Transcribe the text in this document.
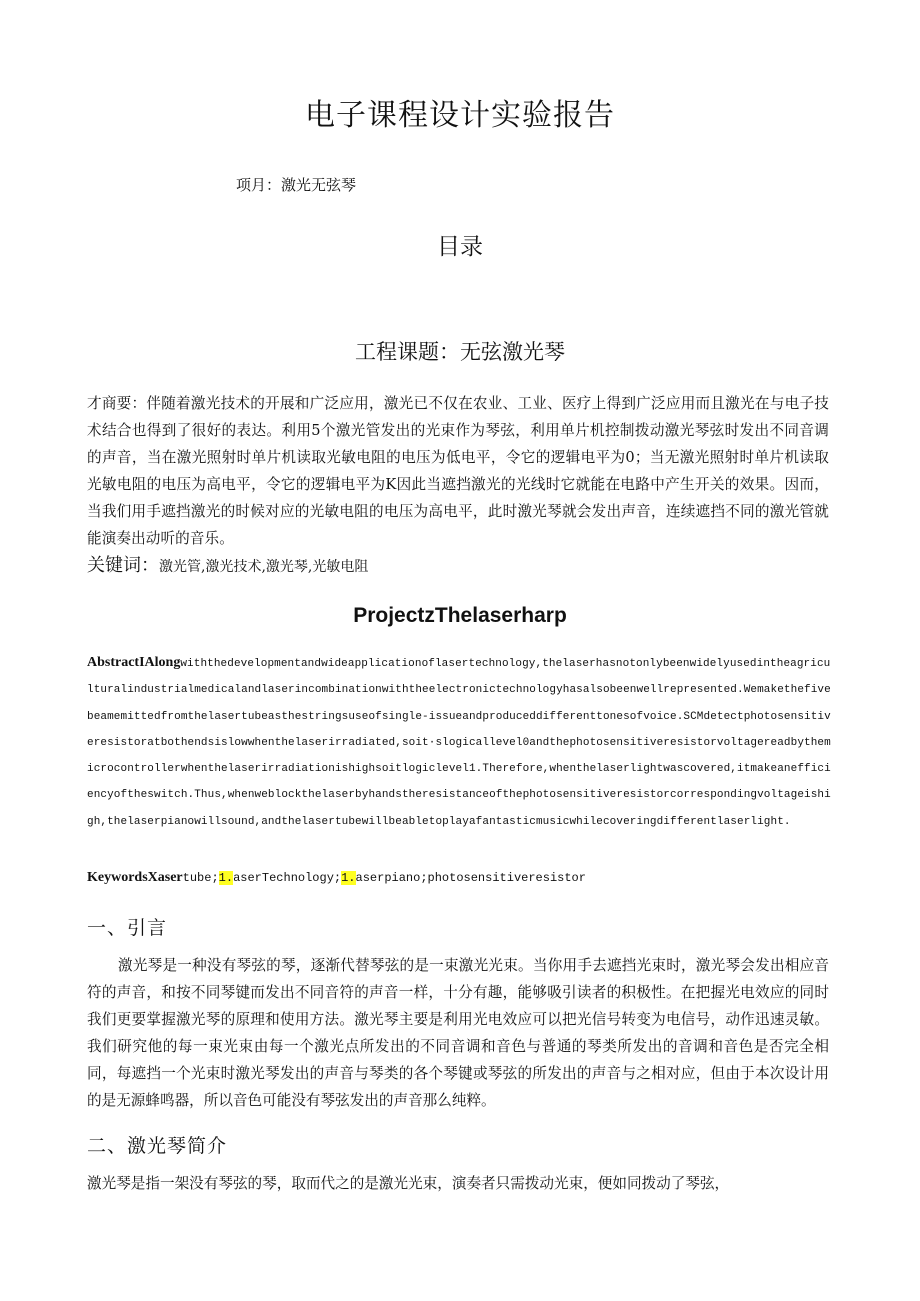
电子课程设计实验报告
项月：激光无弦琴
目录
工程课题：无弦激光琴
才商要：伴随着激光技术的开展和广泛应用，激光已不仅在农业、工业、医疗上得到广泛应用而且激光在与电子技术结合也得到了很好的表达。利用5个激光管发出的光束作为琴弦，利用单片机控制拨动激光琴弦时发出不同音调的声音，当在激光照射时单片机读取光敏电阻的电压为低电平，令它的逻辑电平为0；当无激光照射时单片机读取光敏电阻的电压为高电平，令它的逻辑电平为K因此当遮挡激光的光线时它就能在电路中产生开关的效果。因而，当我们用手遮挡激光的时候对应的光敏电阻的电压为高电平，此时激光琴就会发出声音，连续遮挡不同的激光管就能演奏出动听的音乐。
关键词：激光管,激光技术,激光琴,光敏电阻
ProjectzThelaserharp
AbstractIAlongwiththedevelopmentandwideapplicationoflasertechnology,thelaserhasnotonlybeenwidelyusedintheagriculturalindustrialmedicalandlaserincombinationwiththeelectronictechnologyhasalsobeenwellrepresented.Wemakethefivebeamemittedfromthelasertubeasthestringsuseofsingle-issueandproduceddifferenttonesofvoice.SCMdetectphotosensitiveresistoratbothendsislowwhenthelaserirradiated,soit·slogicallevel0andthephotosensitiveresistorvoltagereadbythemicrocontrollerwhenthelaserirradiationishighsoitlogiclevel1.Therefore,whenthelaserlightwascovered,itmakeanefficiencyoftheswitch.Thus,whenweblockthelaserbyhandstheresistanceofthephotosensitiveresistorcorrespondingvoltageishigh,thelaserpianowillsound,andthelasertubewillbeabletoplayafantasticmusicwhilecoveringdifferentlaserlight.
KeywordsXasertube;1.aserTechnology;1.aserpiano;photosensitiveresistor
一、引言
激光琴是一种没有琴弦的琴，逐渐代替琴弦的是一束激光光束。当你用手去遮挡光束时，激光琴会发出相应音符的声音，和按不同琴键而发出不同音符的声音一样，十分有趣，能够吸引读者的积极性。在把握光电效应的同时我们更要掌握激光琴的原理和使用方法。激光琴主要是利用光电效应可以把光信号转变为电信号，动作迅速灵敏。我们研究他的每一束光束由每一个激光点所发出的不同音调和音色与普通的琴类所发出的音调和音色是否完全相同，每遮挡一个光束时激光琴发出的声音与琴类的各个琴键或琴弦的所发出的声音与之相对应，但由于本次设计用的是无源蜂鸣器，所以音色可能没有琴弦发出的声音那么纯粹。
二、激光琴简介
激光琴是指一架没有琴弦的琴，取而代之的是激光光束，演奏者只需拨动光束，便如同拨动了琴弦，
